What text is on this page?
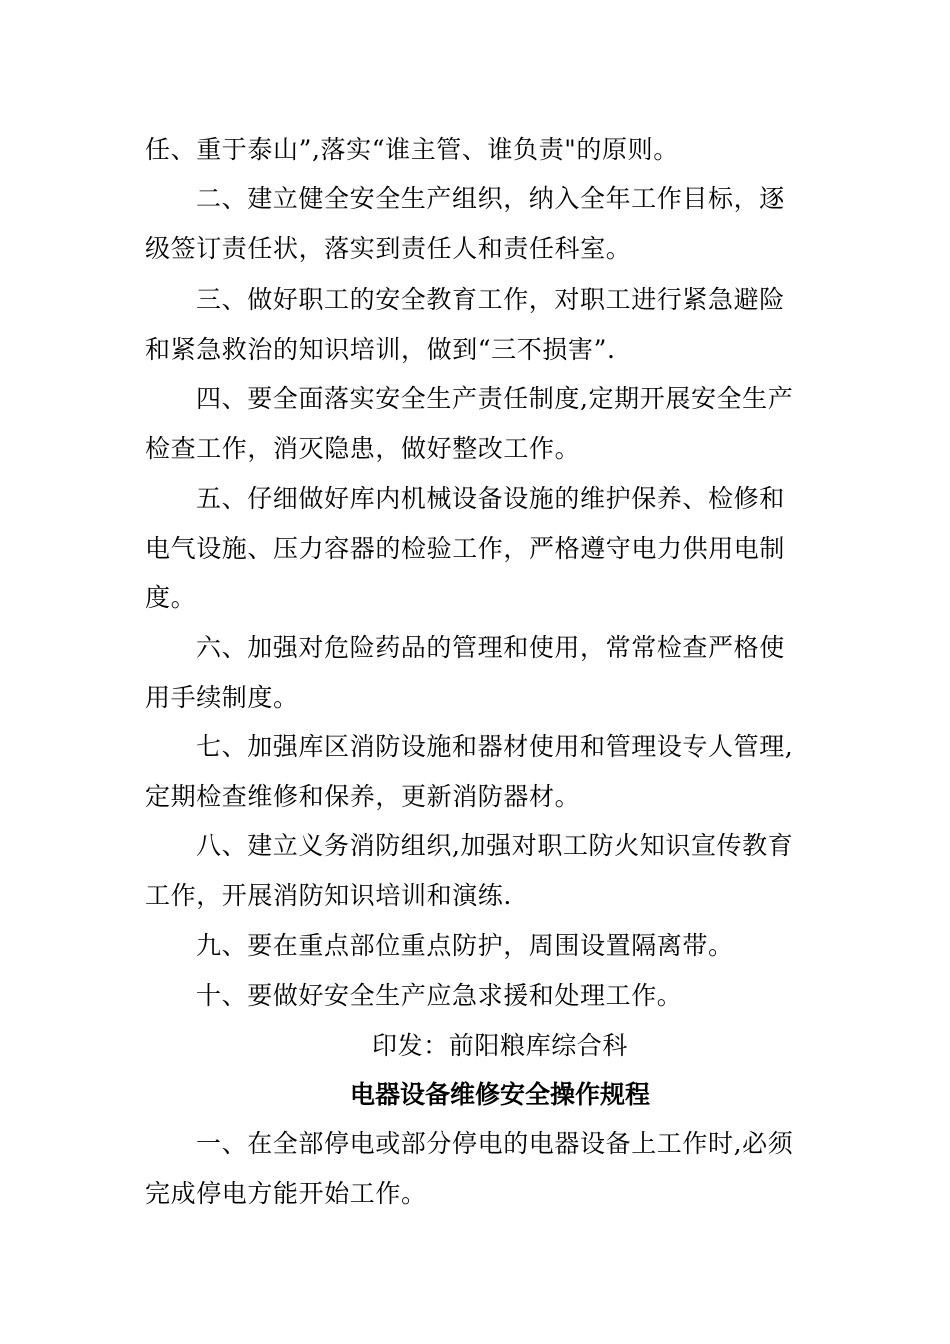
任、重于泰山”,落实“谁主管、谁负责"的原则。
二、建立健全安全生产组织，纳入全年工作目标，逐
级签订责任状，落实到责任人和责任科室。
三、做好职工的安全教育工作，对职工进行紧急避险
和紧急救治的知识培训，做到“三不损害”.
四、要全面落实安全生产责任制度,定期开展安全生产
检查工作，消灭隐患，做好整改工作。
五、仔细做好库内机械设备设施的维护保养、检修和
电气设施、压力容器的检验工作，严格遵守电力供用电制
度。
六、加强对危险药品的管理和使用，常常检查严格使
用手续制度。
七、加强库区消防设施和器材使用和管理设专人管理,
定期检查维修和保养，更新消防器材。
八、建立义务消防组织,加强对职工防火知识宣传教育
工作，开展消防知识培训和演练.
九、要在重点部位重点防护，周围设置隔离带。
十、要做好安全生产应急求援和处理工作。
印发：前阳粮库综合科
电器设备维修安全操作规程
一、在全部停电或部分停电的电器设备上工作时,必须
完成停电方能开始工作。
